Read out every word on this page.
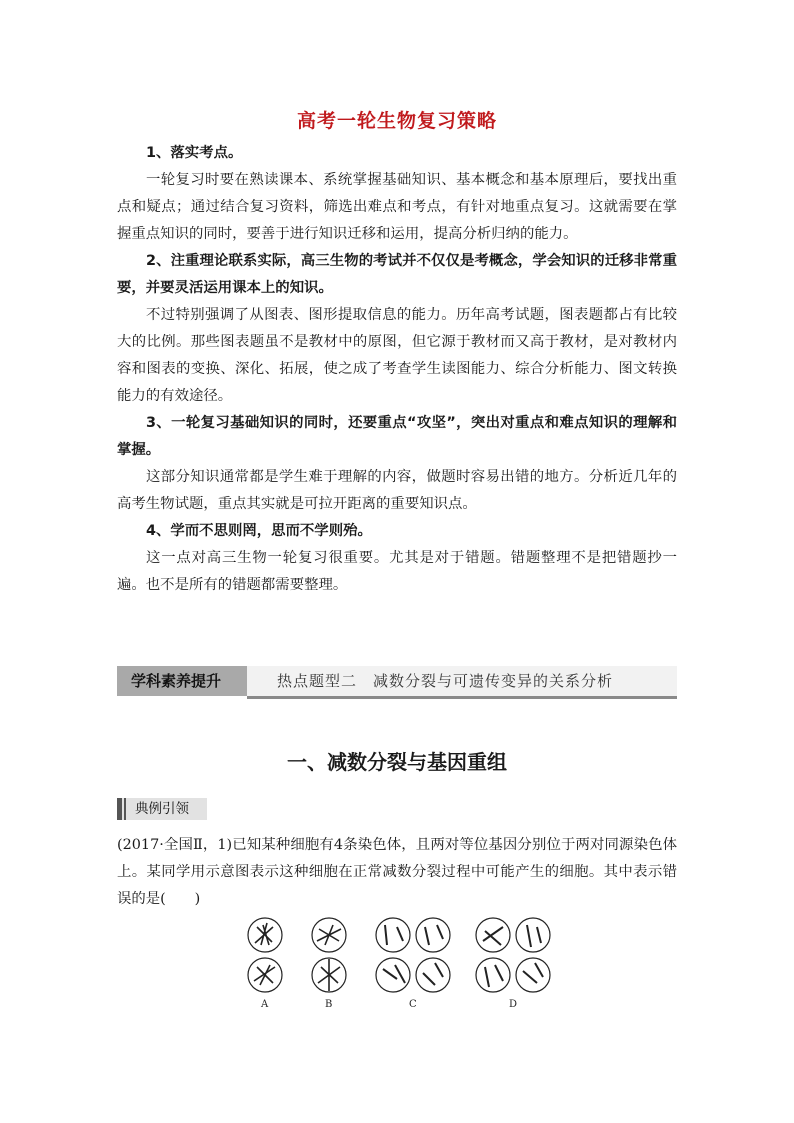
高考一轮生物复习策略
1、落实考点。
一轮复习时要在熟读课本、系统掌握基础知识、基本概念和基本原理后，要找出重点和疑点；通过结合复习资料，筛选出难点和考点，有针对地重点复习。这就需要在掌握重点知识的同时，要善于进行知识迁移和运用，提高分析归纳的能力。
2、注重理论联系实际，高三生物的考试并不仅仅是考概念，学会知识的迁移非常重要，并要灵活运用课本上的知识。
不过特别强调了从图表、图形提取信息的能力。历年高考试题，图表题都占有比较大的比例。那些图表题虽不是教材中的原图，但它源于教材而又高于教材，是对教材内容和图表的变换、深化、拓展，使之成了考查学生读图能力、综合分析能力、图文转换能力的有效途径。
3、一轮复习基础知识的同时，还要重点“攻坚”，突出对重点和难点知识的理解和掌握。
这部分知识通常都是学生难于理解的内容，做题时容易出错的地方。分析近几年的高考生物试题，重点其实就是可拉开距离的重要知识点。
4、学而不思则罔，思而不学则殆。
这一点对高三生物一轮复习很重要。尤其是对于错题。错题整理不是把错题抄一遍。也不是所有的错题都需要整理。
学科素养提升	热点题型二　减数分裂与可遗传变异的关系分析
一、减数分裂与基因重组
典例引领
(2017·全国Ⅱ，1)已知某种细胞有4条染色体，且两对等位基因分别位于两对同源染色体上。某同学用示意图表示这种细胞在正常减数分裂过程中可能产生的细胞。其中表示错误的是(　　)
A	B	C	D
